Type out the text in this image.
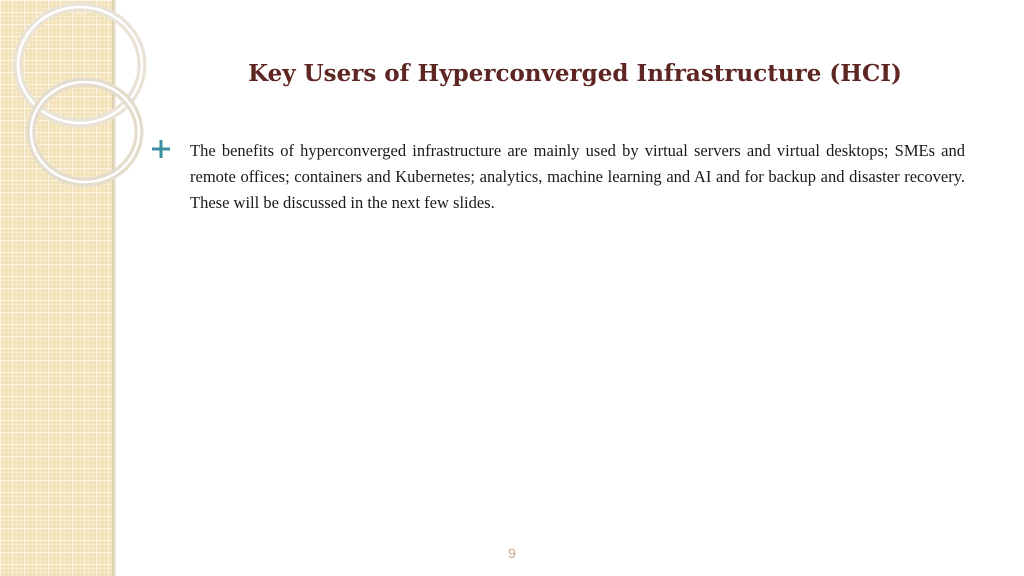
Key Users of Hyperconverged Infrastructure (HCI)

The benefits of hyperconverged infrastructure are mainly used by virtual servers and virtual desktops; SMEs and remote offices; containers and Kubernetes; analytics, machine learning and AI and for backup and disaster recovery. These will be discussed in the next few slides.

9
